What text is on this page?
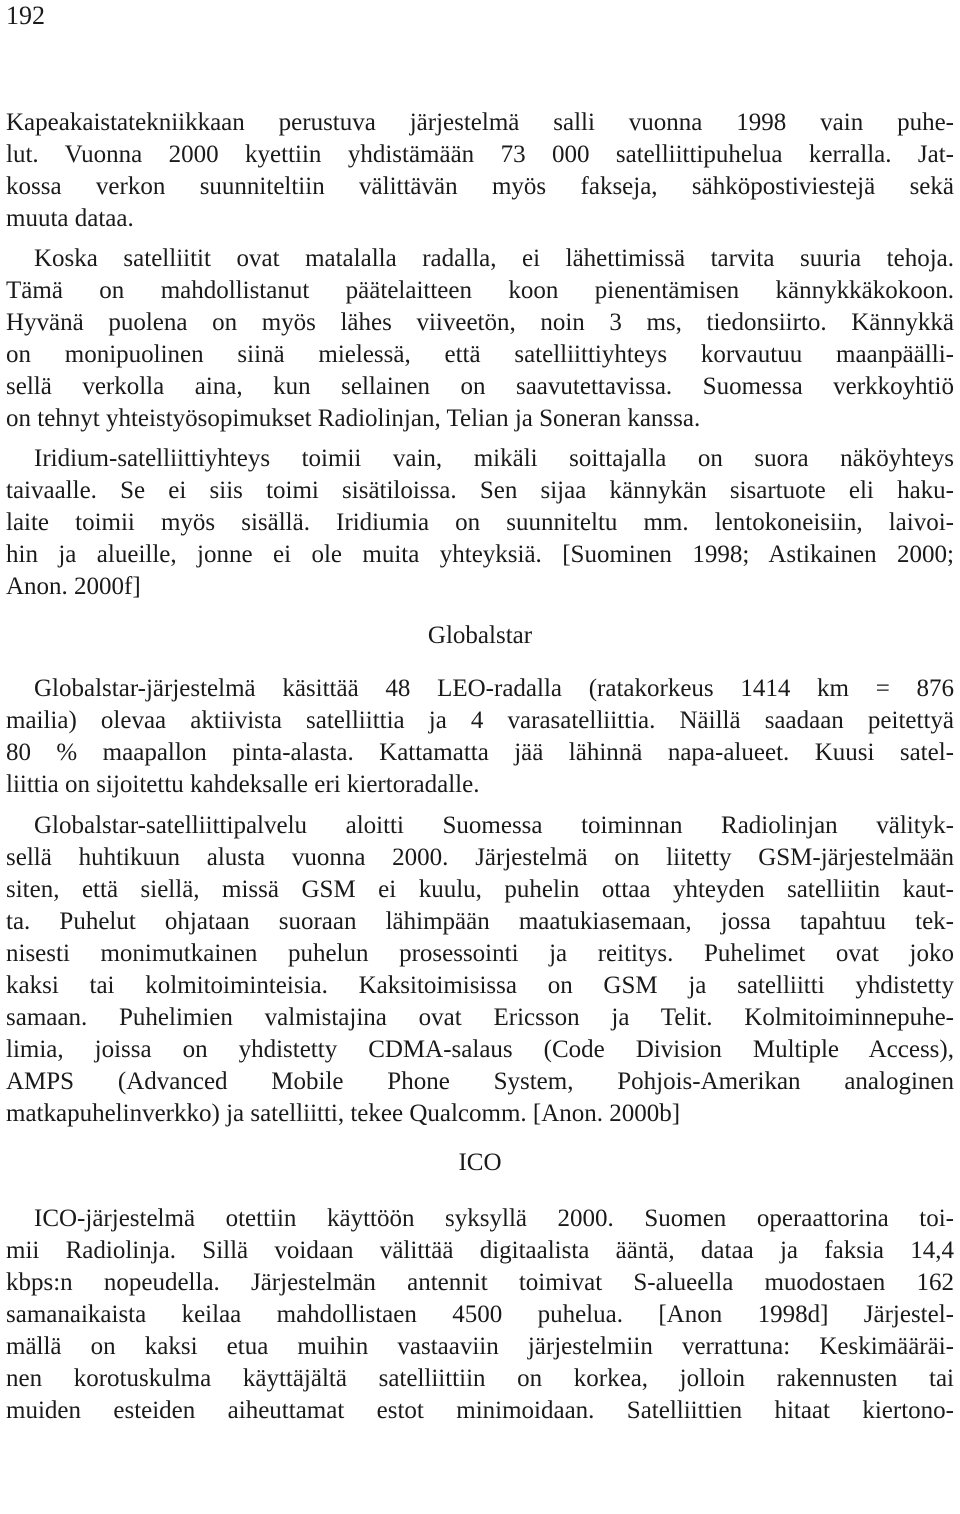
192
Kapeakaistatekniikkaan perustuva järjestelmä salli vuonna 1998 vain puhe-
lut. Vuonna 2000 kyettiin yhdistämään 73 000 satelliittipuhelua kerralla. Jat-
kossa verkon suunniteltiin välittävän myös fakseja, sähköpostiviestejä sekä
muuta dataa.
Koska satelliitit ovat matalalla radalla, ei lähettimissä tarvita suuria tehoja.
Tämä on mahdollistanut päätelaitteen koon pienentämisen kännykkäkokoon.
Hyvänä puolena on myös lähes viiveetön, noin 3 ms, tiedonsiirto. Kännykkä
on monipuolinen siinä mielessä, että satelliittiyhteys korvautuu maanpäälli-
sellä verkolla aina, kun sellainen on saavutettavissa. Suomessa verkkoyhtiö
on tehnyt yhteistyösopimukset Radiolinjan, Telian ja Soneran kanssa.
Iridium-satelliittiyhteys toimii vain, mikäli soittajalla on suora näköyhteys
taivaalle. Se ei siis toimi sisätiloissa. Sen sijaa kännykän sisartuote eli haku-
laite toimii myös sisällä. Iridiumia on suunniteltu mm. lentokoneisiin, laivoi-
hin ja alueille, jonne ei ole muita yhteyksiä. [Suominen 1998; Astikainen 2000;
Anon. 2000f]
Globalstar
Globalstar-järjestelmä käsittää 48 LEO-radalla (ratakorkeus 1414 km = 876
mailia) olevaa aktiivista satelliittia ja 4 varasatelliittia. Näillä saadaan peitettyä
80 % maapallon pinta-alasta. Kattamatta jää lähinnä napa-alueet. Kuusi satel-
liittia on sijoitettu kahdeksalle eri kiertoradalle.
Globalstar-satelliittipalvelu aloitti Suomessa toiminnan Radiolinjan välityk-
sellä huhtikuun alusta vuonna 2000. Järjestelmä on liitetty GSM-järjestelmään
siten, että siellä, missä GSM ei kuulu, puhelin ottaa yhteyden satelliitin kaut-
ta. Puhelut ohjataan suoraan lähimpään maatukiasemaan, jossa tapahtuu tek-
nisesti monimutkainen puhelun prosessointi ja reititys. Puhelimet ovat joko
kaksi tai kolmitoiminteisia. Kaksitoimisissa on GSM ja satelliitti yhdistetty
samaan. Puhelimien valmistajina ovat Ericsson ja Telit. Kolmitoiminnepuhe-
limia, joissa on yhdistetty CDMA-salaus (Code Division Multiple Access),
AMPS (Advanced Mobile Phone System, Pohjois-Amerikan analoginen
matkapuhelinverkko) ja satelliitti, tekee Qualcomm. [Anon. 2000b]
ICO
ICO-järjestelmä otettiin käyttöön syksyllä 2000. Suomen operaattorina toi-
mii Radiolinja. Sillä voidaan välittää digitaalista ääntä, dataa ja faksia 14,4
kbps:n nopeudella. Järjestelmän antennit toimivat S-alueella muodostaen 162
samanaikaista keilaa mahdollistaen 4500 puhelua. [Anon 1998d] Järjestel-
mällä on kaksi etua muihin vastaaviin järjestelmiin verrattuna: Keskimääräi-
nen korotuskulma käyttäjältä satelliittiin on korkea, jolloin rakennusten tai
muiden esteiden aiheuttamat estot minimoidaan. Satelliittien hitaat kiertono-
